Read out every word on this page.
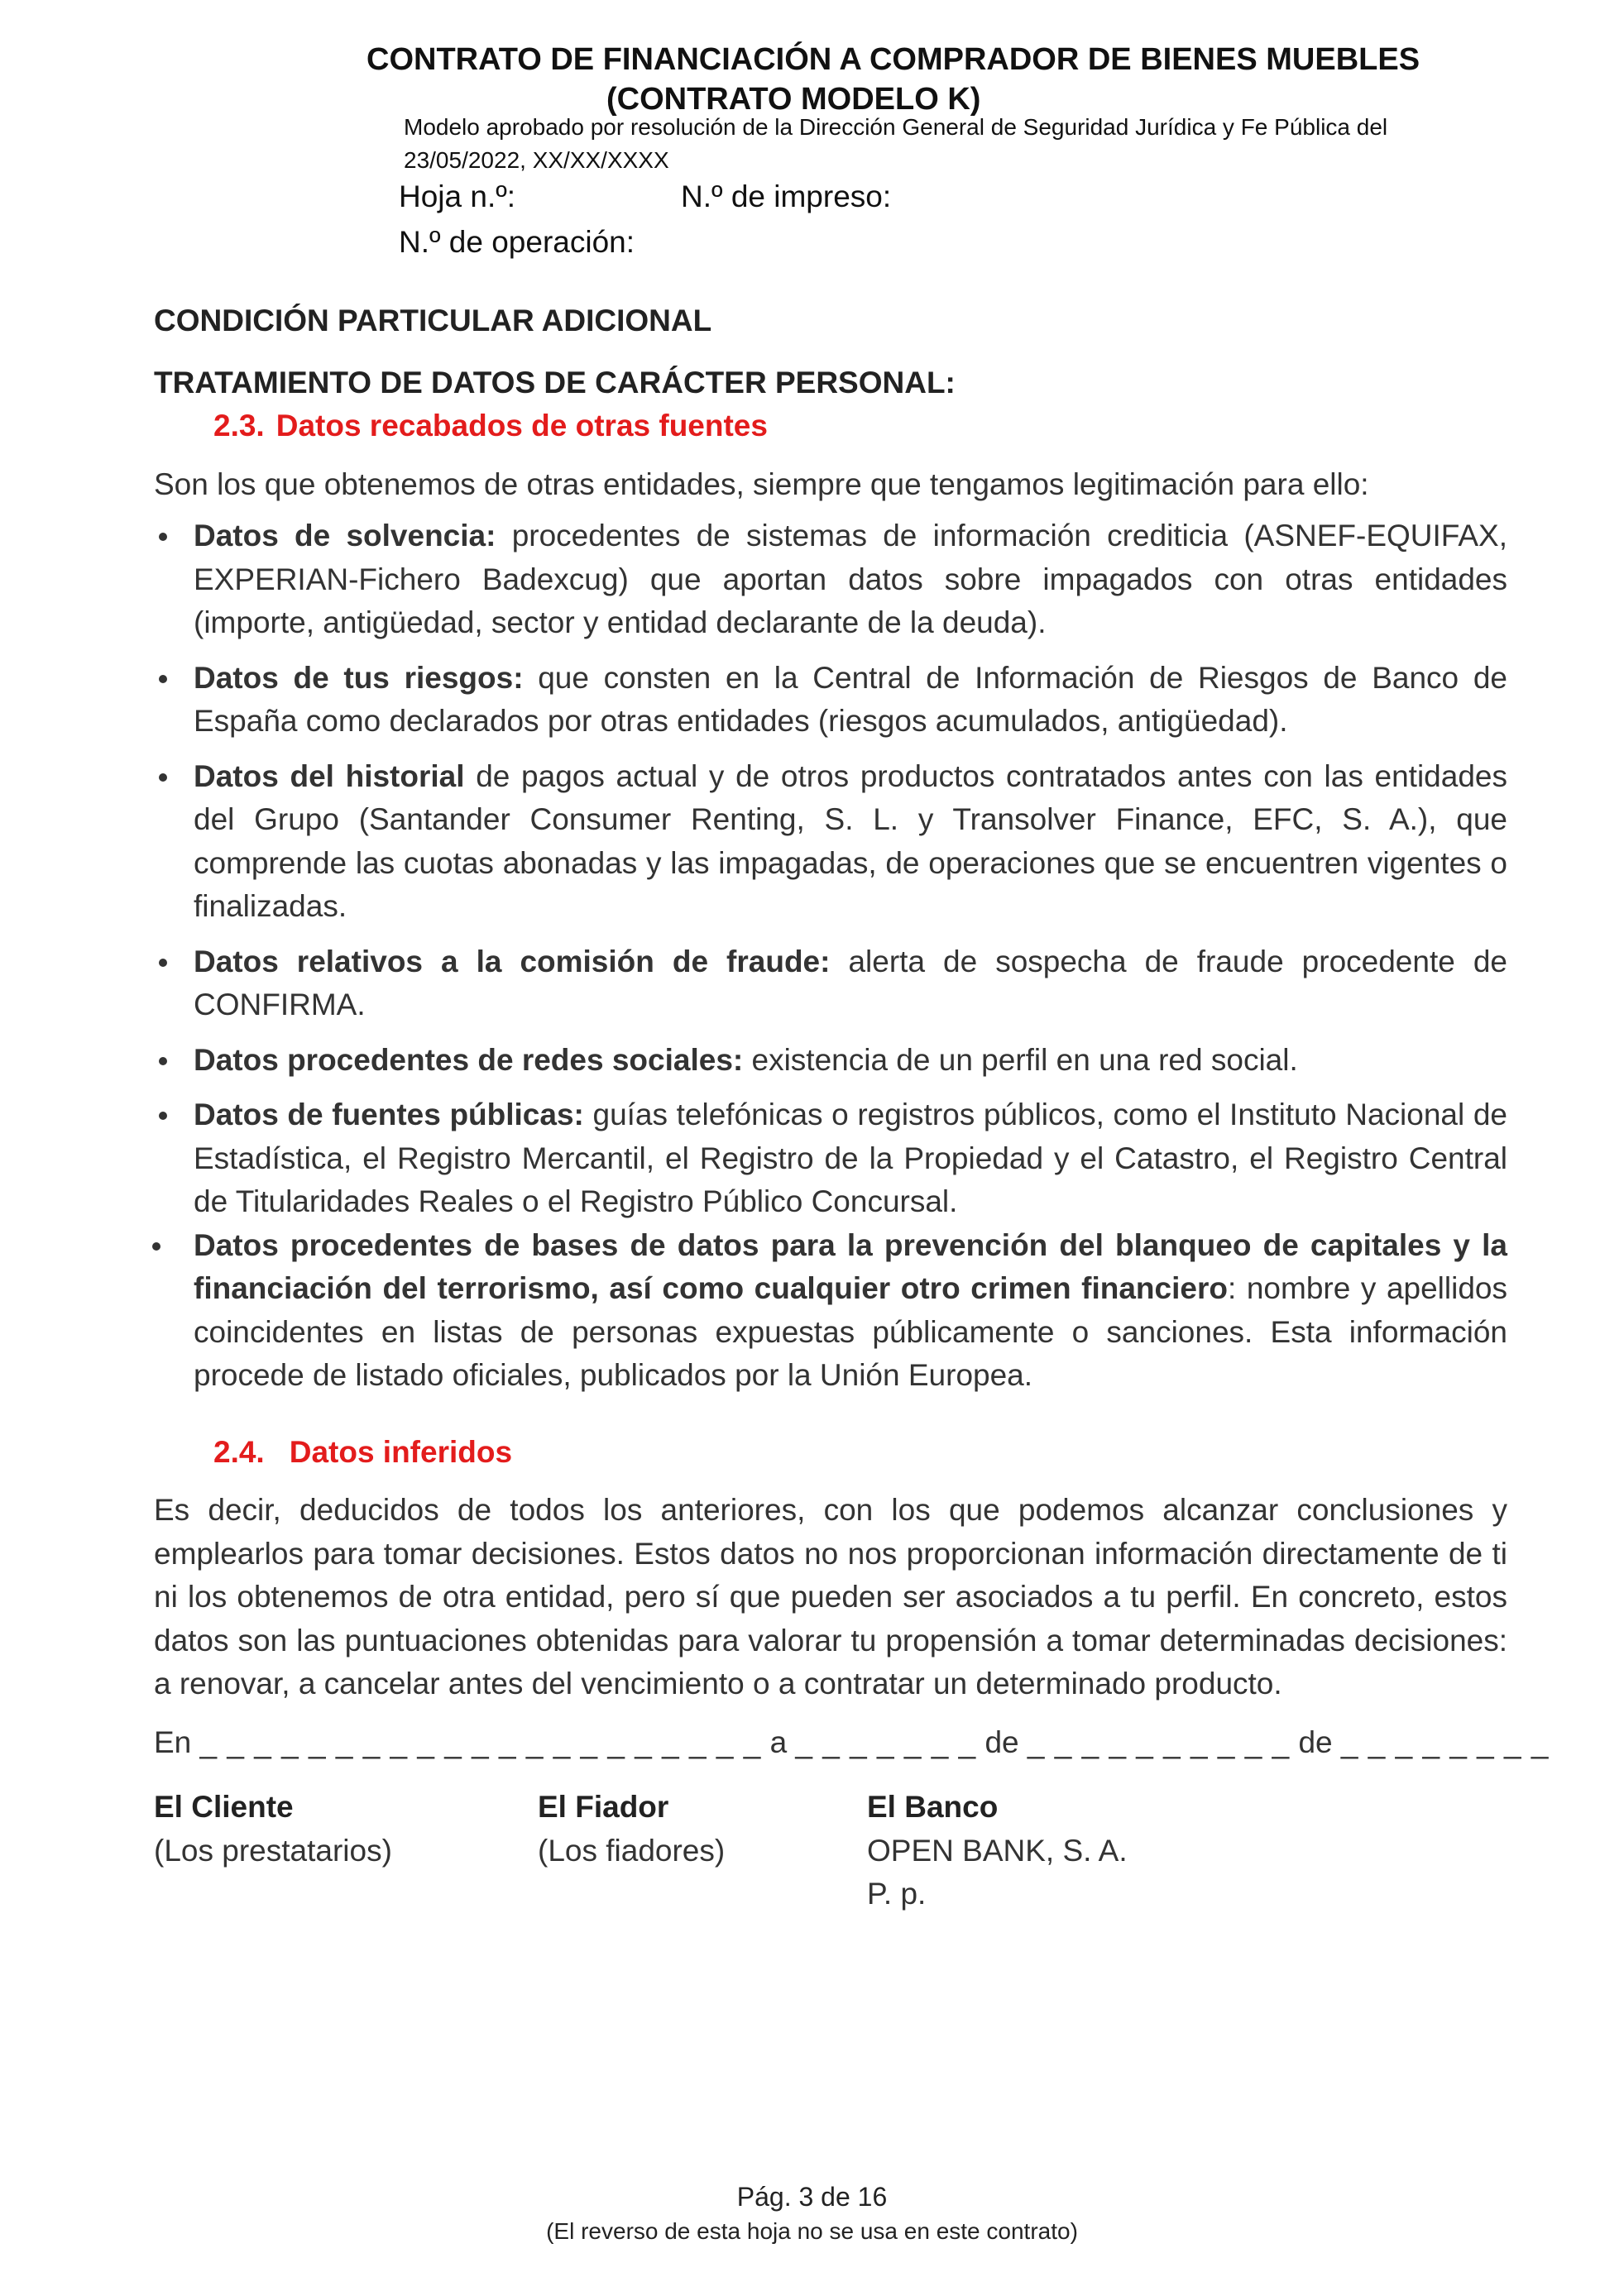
CONTRATO DE FINANCIACIÓN A COMPRADOR DE BIENES MUEBLES
(CONTRATO MODELO K)
Modelo aprobado por resolución de la Dirección General de Seguridad Jurídica y Fe Pública del
23/05/2022, XX/XX/XXXX
Hoja n.º:	N.º de impreso:
N.º de operación:

CONDICIÓN PARTICULAR ADICIONAL

TRATAMIENTO DE DATOS DE CARÁCTER PERSONAL:

2.3. Datos recabados de otras fuentes

Son los que obtenemos de otras entidades, siempre que tengamos legitimación para ello:

Datos de solvencia: procedentes de sistemas de información crediticia (ASNEF-EQUIFAX, EXPERIAN-Fichero Badexcug) que aportan datos sobre impagados con otras entidades (importe, antigüedad, sector y entidad declarante de la deuda).
Datos de tus riesgos: que consten en la Central de Información de Riesgos de Banco de España como declarados por otras entidades (riesgos acumulados, antigüedad).
Datos del historial de pagos actual y de otros productos contratados antes con las entidades del Grupo (Santander Consumer Renting, S. L. y Transolver Finance, EFC, S. A.), que comprende las cuotas abonadas y las impagadas, de operaciones que se encuentren vigentes o finalizadas.
Datos relativos a la comisión de fraude: alerta de sospecha de fraude procedente de CONFIRMA.
Datos procedentes de redes sociales: existencia de un perfil en una red social.
Datos de fuentes públicas: guías telefónicas o registros públicos, como el Instituto Nacional de Estadística, el Registro Mercantil, el Registro de la Propiedad y el Catastro, el Registro Central de Titularidades Reales o el Registro Público Concursal.
Datos procedentes de bases de datos para la prevención del blanqueo de capitales y la financiación del terrorismo, así como cualquier otro crimen financiero: nombre y apellidos coincidentes en listas de personas expuestas públicamente o sanciones. Esta información procede de listado oficiales, publicados por la Unión Europea.

2.4. Datos inferidos

Es decir, deducidos de todos los anteriores, con los que podemos alcanzar conclusiones y emplearlos para tomar decisiones. Estos datos no nos proporcionan información directamente de ti ni los obtenemos de otra entidad, pero sí que pueden ser asociados a tu perfil. En concreto, estos datos son las puntuaciones obtenidas para valorar tu propensión a tomar determinadas decisiones: a renovar, a cancelar antes del vencimiento o a contratar un determinado producto.

En _ _ _ _ _ _ _ _ _ _ _ _ _ _ _ _ _ _ _ _ _ a _ _ _ _ _ _ _ de _ _ _ _ _ _ _ _ _ _ de _ _ _ _ _ _ _ _

El Cliente
(Los prestatarios)
El Fiador
(Los fiadores)
El Banco
OPEN BANK, S. A.
P. p.
Pág. 3 de 16
(El reverso de esta hoja no se usa en este contrato)
